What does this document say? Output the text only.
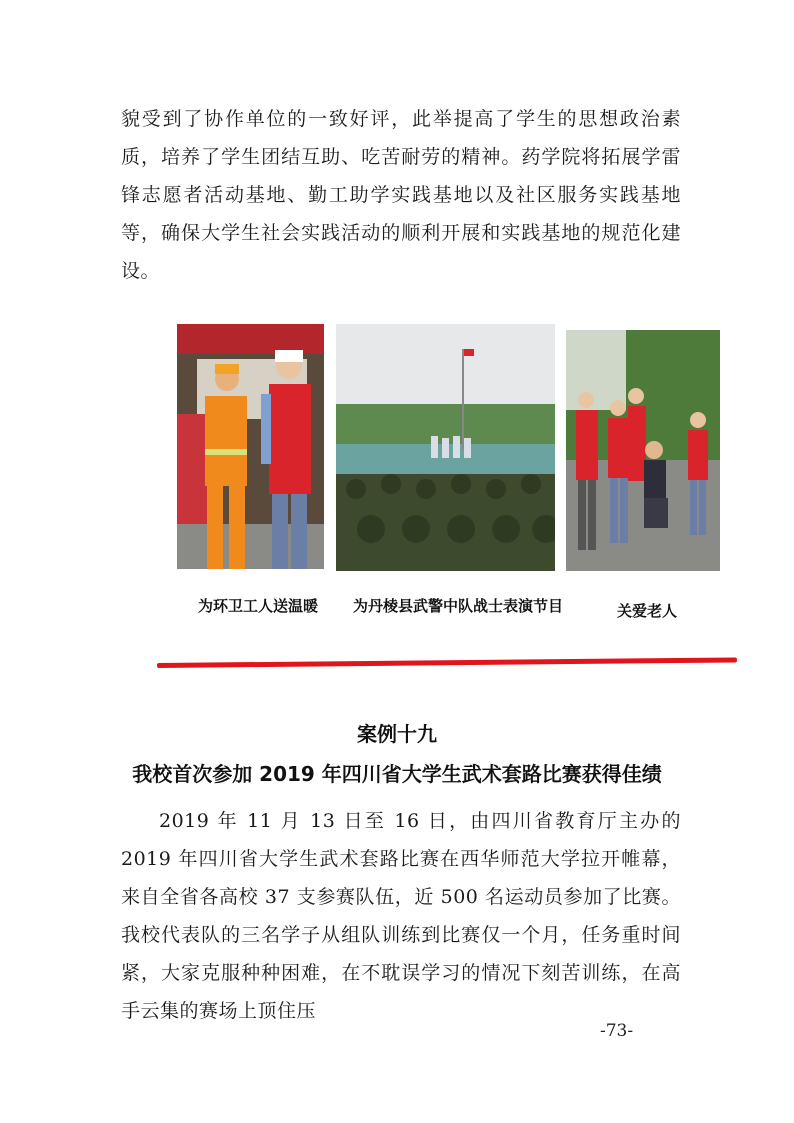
貌受到了协作单位的一致好评，此举提高了学生的思想政治素质，培养了学生团结互助、吃苦耐劳的精神。药学院将拓展学雷锋志愿者活动基地、勤工助学实践基地以及社区服务实践基地等，确保大学生社会实践活动的顺利开展和实践基地的规范化建设。

为环卫工人送温暖 为丹棱县武警中队战士表演节目	关爱老人
案例十九
我校首次参加 2019 年四川省大学生武术套路比赛获得佳绩

2019 年 11 月 13 日至 16 日，由四川省教育厅主办的 2019 年四川省大学生武术套路比赛在西华师范大学拉开帷幕，来自全省各高校 37 支参赛队伍，近 500 名运动员参加了比赛。我校代表队的三名学子从组队训练到比赛仅一个月，任务重时间紧，大家克服种种困难，在不耽误学习的情况下刻苦训练，在高手云集的赛场上顶住压

-73-
